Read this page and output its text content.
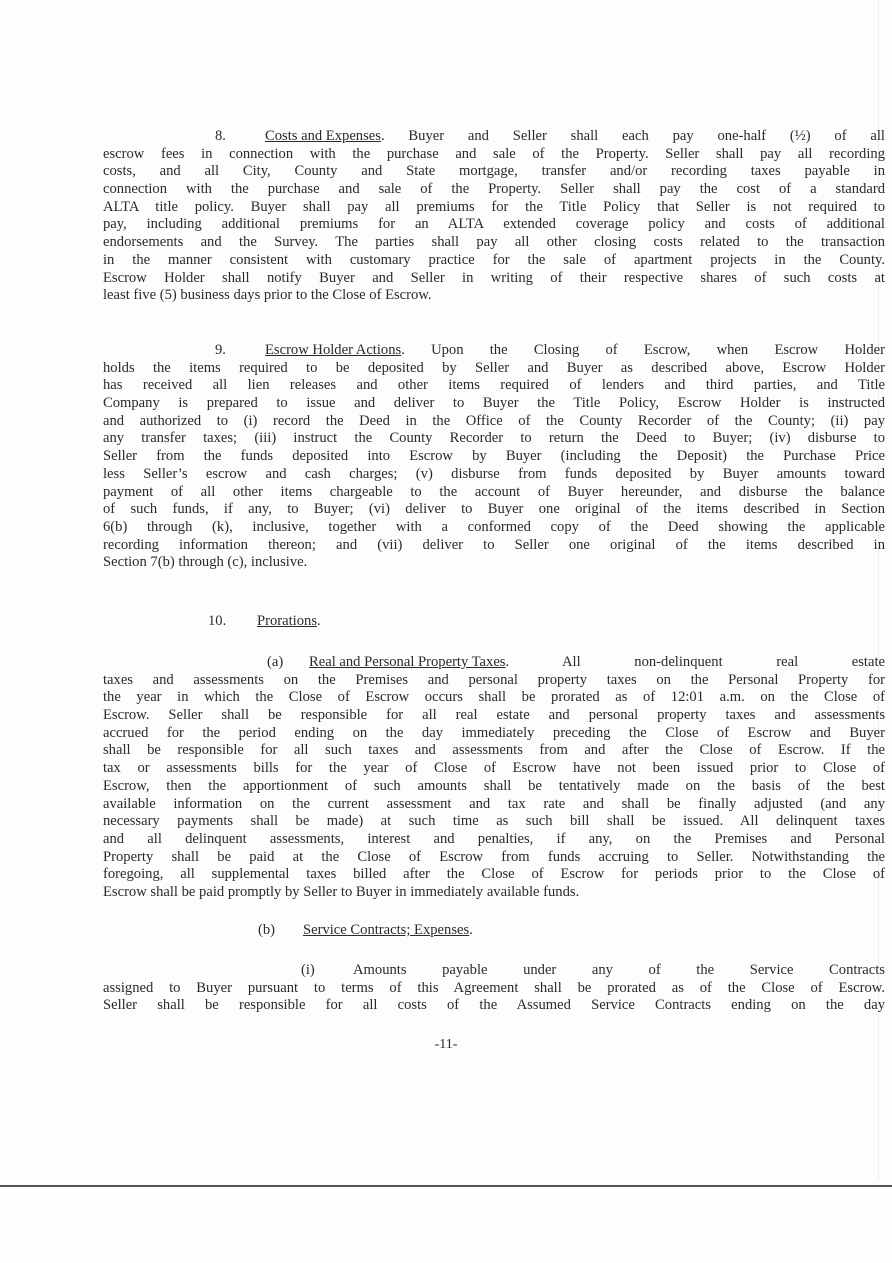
8.	Costs and Expenses . Buyer and Seller shall each pay one-half (½) of all
escrow fees in connection with the purchase and sale of the Property. Seller shall pay all recording
costs, and all City, County and State mortgage, transfer and/or recording taxes payable in
connection with the purchase and sale of the Property. Seller shall pay the cost of a standard
ALTA title policy. Buyer shall pay all premiums for the Title Policy that Seller is not required to
pay, including additional premiums for an ALTA extended coverage policy and costs of additional
endorsements and the Survey. The parties shall pay all other closing costs related to the transaction
in the manner consistent with customary practice for the sale of apartment projects in the County.
Escrow Holder shall notify Buyer and Seller in writing of their respective shares of such costs at
least five (5) business days prior to the Close of Escrow.
9.	Escrow Holder Actions . Upon the Closing of Escrow, when Escrow Holder
holds the items required to be deposited by Seller and Buyer as described above, Escrow Holder
has received all lien releases and other items required of lenders and third parties, and Title
Company is prepared to issue and deliver to Buyer the Title Policy, Escrow Holder is instructed
and authorized to (i) record the Deed in the Office of the County Recorder of the County; (ii) pay
any transfer taxes; (iii) instruct the County Recorder to return the Deed to Buyer; (iv) disburse to
Seller from the funds deposited into Escrow by Buyer (including the Deposit) the Purchase Price
less Seller’s escrow and cash charges; (v) disburse from funds deposited by Buyer amounts toward
payment of all other items chargeable to the account of Buyer hereunder, and disburse the balance
of such funds, if any, to Buyer; (vi) deliver to Buyer one original of the items described in Section
6(b) through (k), inclusive, together with a conformed copy of the Deed showing the applicable
recording information thereon; and (vii) deliver to Seller one original of the items described in
Section 7(b) through (c), inclusive.
10. Prorations .
(a) Real and Personal Property Taxes . All non-delinquent real estate
taxes and assessments on the Premises and personal property taxes on the Personal Property for
the year in which the Close of Escrow occurs shall be prorated as of 12:01 a.m. on the Close of
Escrow. Seller shall be responsible for all real estate and personal property taxes and assessments
accrued for the period ending on the day immediately preceding the Close of Escrow and Buyer
shall be responsible for all such taxes and assessments from and after the Close of Escrow. If the
tax or assessments bills for the year of Close of Escrow have not been issued prior to Close of
Escrow, then the apportionment of such amounts shall be tentatively made on the basis of the best
available information on the current assessment and tax rate and shall be finally adjusted (and any
necessary payments shall be made) at such time as such bill shall be issued. All delinquent taxes
and all delinquent assessments, interest and penalties, if any, on the Premises and Personal
Property shall be paid at the Close of Escrow from funds accruing to Seller. Notwithstanding the
foregoing, all supplemental taxes billed after the Close of Escrow for periods prior to the Close of
Escrow shall be paid promptly by Seller to Buyer in immediately available funds.
(b) Service Contracts; Expenses .
(i)	Amounts payable under any of the Service Contracts
assigned to Buyer pursuant to terms of this Agreement shall be prorated as of the Close of Escrow.
Seller shall be responsible for all costs of the Assumed Service Contracts ending on the day
-11-
